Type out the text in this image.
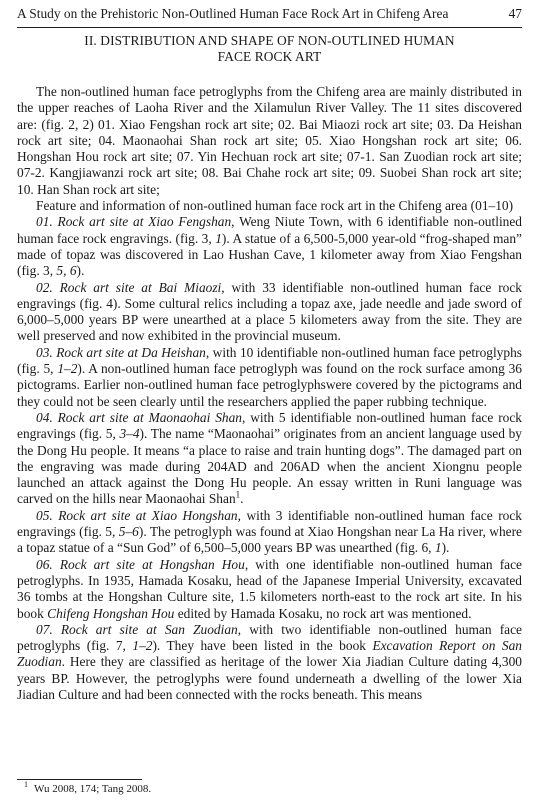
A Study on the Prehistoric Non-Outlined Human Face Rock Art in Chifeng Area	47
II. DISTRIBUTION AND SHAPE OF NON-OUTLINED HUMAN
FACE ROCK ART

The non-outlined human face petroglyphs from the Chifeng area are mainly distributed in the upper reaches of Laoha River and the Xilamulun River Valley. The 11 sites discovered are: (fig. 2, 2) 01. Xiao Fengshan rock art site; 02. Bai Miaozi rock art site; 03. Da Heishan rock art site; 04. Maonaohai Shan rock art site; 05. Xiao Hongshan rock art site; 06. Hongshan Hou rock art site; 07. Yin Hechuan rock art site; 07-1. San Zuodian rock art site; 07-2. Kangjiawanzi rock art site; 08. Bai Chahe rock art site; 09. Suobei Shan rock art site; 10. Han Shan rock art site;

Feature and information of non-outlined human face rock art in the Chifeng area (01–10)

01. Rock art site at Xiao Fengshan, Weng Niute Town, with 6 identifiable non-outlined human face rock engravings. (fig. 3, 1). A statue of a 6,500-5,000 year-old “frog-shaped man” made of topaz was discovered in Lao Hushan Cave, 1 kilometer away from Xiao Fengshan (fig. 3, 5, 6).

02. Rock art site at Bai Miaozi, with 33 identifiable non-outlined human face rock engravings (fig. 4). Some cultural relics including a topaz axe, jade needle and jade sword of 6,000–5,000 years BP were unearthed at a place 5 kilometers away from the site. They are well preserved and now exhibited in the provincial museum.

03. Rock art site at Da Heishan, with 10 identifiable non-outlined human face petroglyphs (fig. 5, 1–2). A non-outlined human face petroglyph was found on the rock surface among 36 pictograms. Earlier non-outlined human face petroglyphswere covered by the pictograms and they could not be seen clearly until the researchers applied the paper rubbing technique.

04. Rock art site at Maonaohai Shan, with 5 identifiable non-outlined human face rock engravings (fig. 5, 3–4). The name “Maonaohai” originates from an ancient language used by the Dong Hu people. It means “a place to raise and train hunting dogs”. The damaged part on the engraving was made during 204AD and 206AD when the ancient Xiongnu people launched an attack against the Dong Hu people. An essay written in Runi language was carved on the hills near Maonaohai Shan$^1$.

05. Rock art site at Xiao Hongshan, with 3 identifiable non-outlined human face rock engravings (fig. 5, 5–6). The petroglyph was found at Xiao Hongshan near La Ha river, where a topaz statue of a “Sun God” of 6,500–5,000 years BP was unearthed (fig. 6, 1).

06. Rock art site at Hongshan Hou, with one identifiable non-outlined human face petroglyphs. In 1935, Hamada Kosaku, head of the Japanese Imperial University, excavated 36 tombs at the Hongshan Culture site, 1.5 kilometers north-east to the rock art site. In his book Chifeng Hongshan Hou edited by Hamada Kosaku, no rock art was mentioned.

07. Rock art site at San Zuodian, with two identifiable non-outlined human face petroglyphs (fig. 7, 1–2). They have been listed in the book Excavation Report on San Zuodian. Here they are classified as heritage of the lower Xia Jiadian Culture dating 4,300 years BP. However, the petroglyphs were found underneath a dwelling of the lower Xia Jiadian Culture and had been connected with the rocks beneath. This means

$^1$ Wu 2008, 174; Tang 2008.
